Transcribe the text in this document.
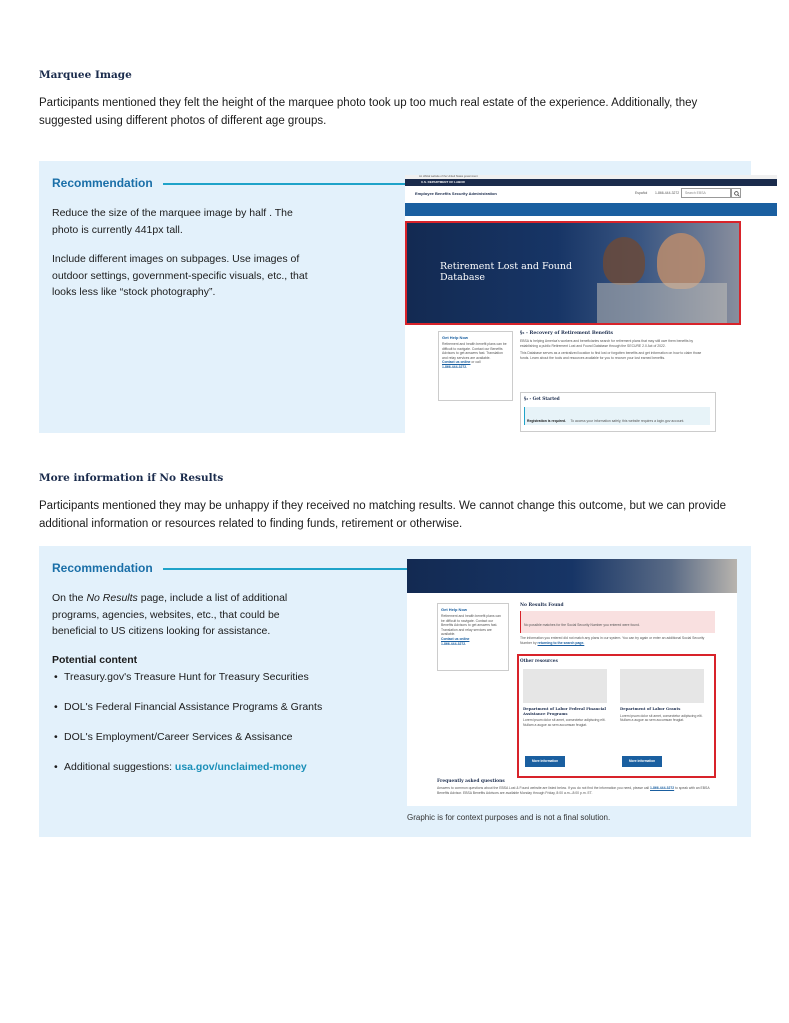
Marquee Image
Participants mentioned they felt the height of the marquee photo took up too much real estate of the experience. Additionally, they suggested using different photos of different age groups.
Recommendation
Reduce the size of the marquee image by half . The photo is currently 441px tall.
Include different images on subpages. Use images of outdoor settings, government-specific visuals, etc., that looks less like “stock photography”.
An official website of the United States government
U.S. DEPARTMENT OF LABOR
Employee Benefits Security Administration	Español 1-866-444-3272 Search EBSA
TOPICS	WORKERS ∨	EMPLOYERS AND ADVISERS ∨	RESEARCHERS ∨	RESOURCES ∨	LAWS AND REGULATIONS ∨	ABOUT ∨	CONTACT US ∨
Retirement Lost and Found Database
Get Help Now
Retirement and health benefit plans can be difficult to navigate. Contact our Benefits Advisors to get answers fast. Translation and relay services are available.
Contact us online or call
1-866-444-3272.
§₂ - Recovery of Retirement Benefits
EBSA is helping America's workers and beneficiaries search for retirement plans that may still owe them benefits by establishing a public Retirement Lost and Found Database through the SECURE 2.0 Act of 2022.
This Database serves as a centralized location to find lost or forgotten benefits and get information on how to claim those funds. Learn about the tools and resources available for you to recover your lost earned benefits.
§₂ - Get Started
Registration is required. To access your information safely, this website requires a login.gov account.
More information if No Results
Participants mentioned they may be unhappy if they received no matching results. We cannot change this outcome, but we can provide additional information or resources related to finding funds, retirement or otherwise.
Recommendation
On the No Results page, include a list of additional programs, agencies, websites, etc., that could be beneficial to US citizens looking for assistance.
Potential content
• Treasury.gov's Treasure Hunt for Treasury Securities
• DOL's Federal Financial Assistance Programs & Grants
• DOL's Employment/Career Services & Assisance
• Additional suggestions: usa.gov/unclaimed-money
Get Help Now
Retirement and health benefit plans can be difficult to navigate. Contact our Benefits Advisors to get answers fast. Translation and relay services are available.
Contact us online
1-866-444-3272.
No Results Found
No possible matches for the Social Security Number you entered were found.
The information you entered did not match any plans in our system. You can try again or enter an additional Social Security Number by returning to the search page.
Other resources
Department of Labor Federal Financial Assistance Programs
Lorem ipsum dolor sit amet, consectetur adipiscing elit. Nullam a augue ac sem accumsan feugiat.
More information
Department of Labor Grants
Lorem ipsum dolor sit amet, consectetur adipiscing elit. Nullam a augue ac sem accumsan feugiat.
More information
Frequently asked questions
Answers to common questions about the EBSA Lost & Found website are listed below. If you do not find the information you need, please call 1-866-444-3272 to speak with an EBSA Benefits Advisor. EBSA Benefits Advisors are available Monday through Friday, 8:00 a.m.–8:00 p.m. ET.
Graphic is for context purposes and is not a final solution.
